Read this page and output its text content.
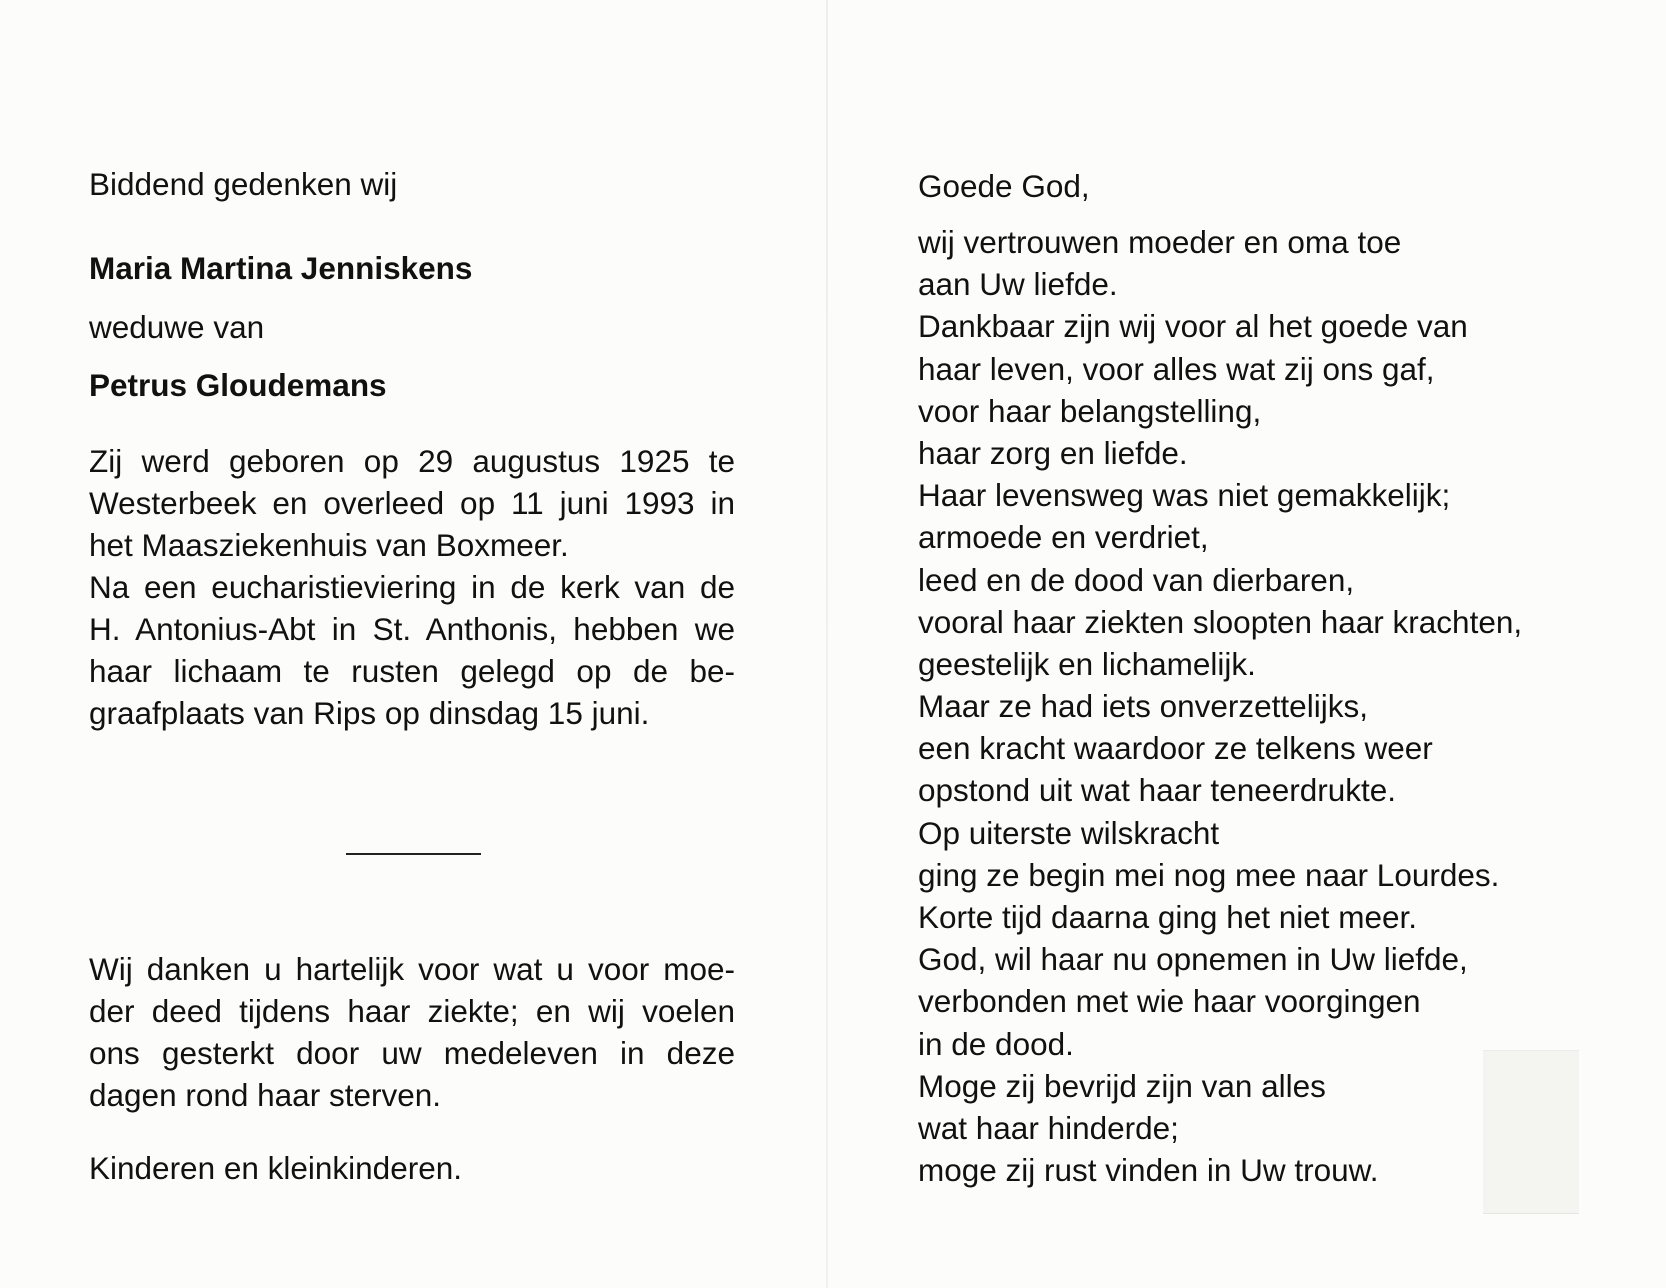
Biddend gedenken wij

Maria Martina Jenniskens

weduwe van

Petrus Gloudemans

Zij werd geboren op 29 augustus 1925 te
Westerbeek en overleed op 11 juni 1993 in
het Maasziekenhuis van Boxmeer.
Na een eucharistieviering in de kerk van de
H. Antonius-Abt in St. Anthonis, hebben we
haar lichaam te rusten gelegd op de be-
graafplaats van Rips op dinsdag 15 juni.
Wij danken u hartelijk voor wat u voor moe-
der deed tijdens haar ziekte; en wij voelen
ons gesterkt door uw medeleven in deze
dagen rond haar sterven.

Kinderen en kleinkinderen.

Goede God,

wij vertrouwen moeder en oma toe
aan Uw liefde.
Dankbaar zijn wij voor al het goede van
haar leven, voor alles wat zij ons gaf,
voor haar belangstelling,
haar zorg en liefde.
Haar levensweg was niet gemakkelijk;
armoede en verdriet,
leed en de dood van dierbaren,
vooral haar ziekten sloopten haar krachten,
geestelijk en lichamelijk.
Maar ze had iets onverzettelijks,
een kracht waardoor ze telkens weer
opstond uit wat haar teneerdrukte.
Op uiterste wilskracht
ging ze begin mei nog mee naar Lourdes.
Korte tijd daarna ging het niet meer.
God, wil haar nu opnemen in Uw liefde,
verbonden met wie haar voorgingen
in de dood.
Moge zij bevrijd zijn van alles
wat haar hinderde;
moge zij rust vinden in Uw trouw.
